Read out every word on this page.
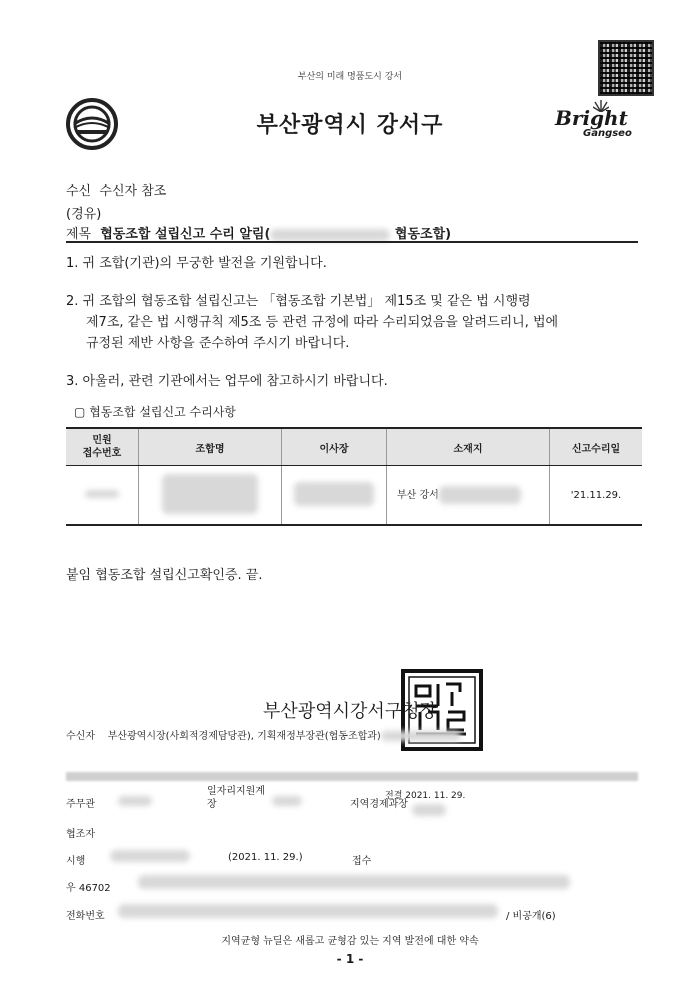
부산의 미래 명품도시 강서
부산광역시 강서구	Bright
Gangseo
수신 수신자 참조
(경유)
제목 협동조합 설립신고 수리 알림(	협동조합)
1. 귀 조합(기관)의 무궁한 발전을 기원합니다.
2. 귀 조합의 협동조합 설립신고는 「협동조합 기본법」 제15조 및 같은 법 시행령
제7조, 같은 법 시행규칙 제5조 등 관련 규정에 따라 수리되었음을 알려드리니, 법에
규정된 제반 사항을 준수하여 주시기 바랍니다.
3. 아울러, 관련 기관에서는 업무에 참고하시기 바랍니다.
▢ 협동조합 설립신고 수리사항
민원
접수번호	조합명	이사장	소재지	신고수리일
			부산 강서	'21.11.29.
붙임 협동조합 설립신고확인증. 끝.
부산광역시강서구청장
수신자 부산광역시장(사회적경제담당관), 기획재정부장관(협동조합과)
주무관
일자리지원계
장	지역경제과장
전결 2021. 11. 29.
협조자
시행	(2021. 11. 29.)	접수
우 46702
전화번호	/ 비공개(6)
지역균형 뉴딜은 새롭고 균형감 있는 지역 발전에 대한 약속
- 1 -
